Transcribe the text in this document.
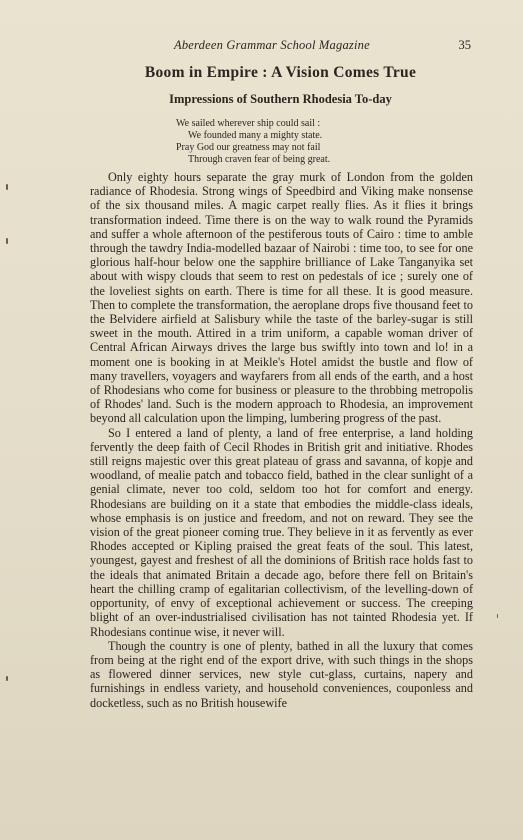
Aberdeen Grammar School Magazine	35
Boom in Empire : A Vision Comes True
Impressions of Southern Rhodesia To-day
We sailed wherever ship could sail :
We founded many a mighty state.
Pray God our greatness may not fail
Through craven fear of being great.

Only eighty hours separate the gray murk of London from the golden radiance of Rhodesia. Strong wings of Speedbird and Viking make nonsense of the six thousand miles. A magic carpet really flies. As it flies it brings transformation indeed. Time there is on the way to walk round the Pyramids and suffer a whole afternoon of the pestiferous touts of Cairo : time to amble through the tawdry India-modelled bazaar of Nairobi : time too, to see for one glorious half-hour below one the sapphire brilliance of Lake Tanganyika set about with wispy clouds that seem to rest on pedestals of ice ; surely one of the loveliest sights on earth. There is time for all these. It is good measure. Then to complete the transformation, the aeroplane drops five thousand feet to the Belvidere airfield at Salisbury while the taste of the barley-sugar is still sweet in the mouth. Attired in a trim uniform, a capable woman driver of Central African Airways drives the large bus swiftly into town and lo! in a moment one is booking in at Meikle's Hotel amidst the bustle and flow of many travellers, voyagers and wayfarers from all ends of the earth, and a host of Rhodesians who come for business or pleasure to the throbbing metropolis of Rhodes' land. Such is the modern approach to Rhodesia, an improvement beyond all calculation upon the limping, lumbering progress of the past.

So I entered a land of plenty, a land of free enterprise, a land holding fervently the deep faith of Cecil Rhodes in British grit and initiative. Rhodes still reigns majestic over this great plateau of grass and savanna, of kopje and woodland, of mealie patch and tobacco field, bathed in the clear sunlight of a genial climate, never too cold, seldom too hot for comfort and energy. Rhodesians are building on it a state that embodies the middle-class ideals, whose emphasis is on justice and freedom, and not on reward. They see the vision of the great pioneer coming true. They believe in it as fervently as ever Rhodes accepted or Kipling praised the great feats of the soul. This latest, youngest, gayest and freshest of all the dominions of British race holds fast to the ideals that animated Britain a decade ago, before there fell on Britain's heart the chilling cramp of egalitarian collectivism, of the levelling-down of opportunity, of envy of exceptional achievement or success. The creeping blight of an over-industrialised civilisation has not tainted Rhodesia yet. If Rhodesians continue wise, it never will.

Though the country is one of plenty, bathed in all the luxury that comes from being at the right end of the export drive, with such things in the shops as flowered dinner services, new style cut-glass, curtains, napery and furnishings in endless variety, and household conveniences, couponless and docketless, such as no British housewife
